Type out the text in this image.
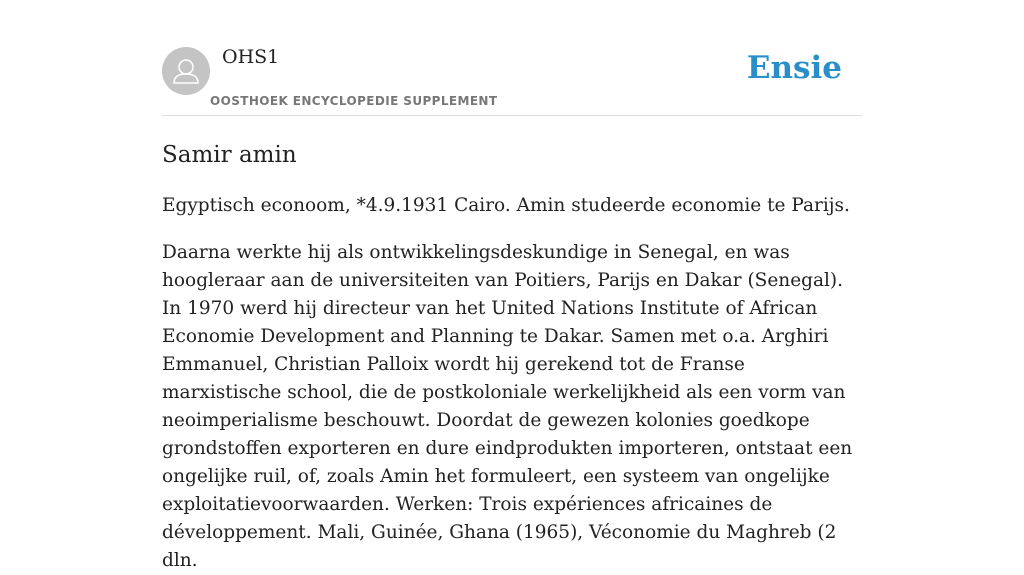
OHS1
OOSTHOEK ENCYCLOPEDIE SUPPLEMENT
Ensie
Samir amin

Egyptisch econoom, *4.9.1931 Cairo. Amin studeerde economie te Parijs.

Daarna werkte hij als ontwikkelingsdeskundige in Senegal, en was hoogleraar aan de universiteiten van Poitiers, Parijs en Dakar (Senegal). In 1970 werd hij directeur van het United Nations Institute of African Economie Development and Planning te Dakar. Samen met o.a. Arghiri Emmanuel, Christian Palloix wordt hij gerekend tot de Franse marxistische school, die de postkoloniale werkelijkheid als een vorm van neoimperialisme beschouwt. Doordat de gewezen kolonies goedkope grondstoffen exporteren en dure eindprodukten importeren, ontstaat een ongelijke ruil, of, zoals Amin het formuleert, een systeem van ongelijke exploitatievoorwaarden. Werken: Trois expériences africaines de développement. Mali, Guinée, Ghana (1965), Véconomie du Maghreb (2 dln.
